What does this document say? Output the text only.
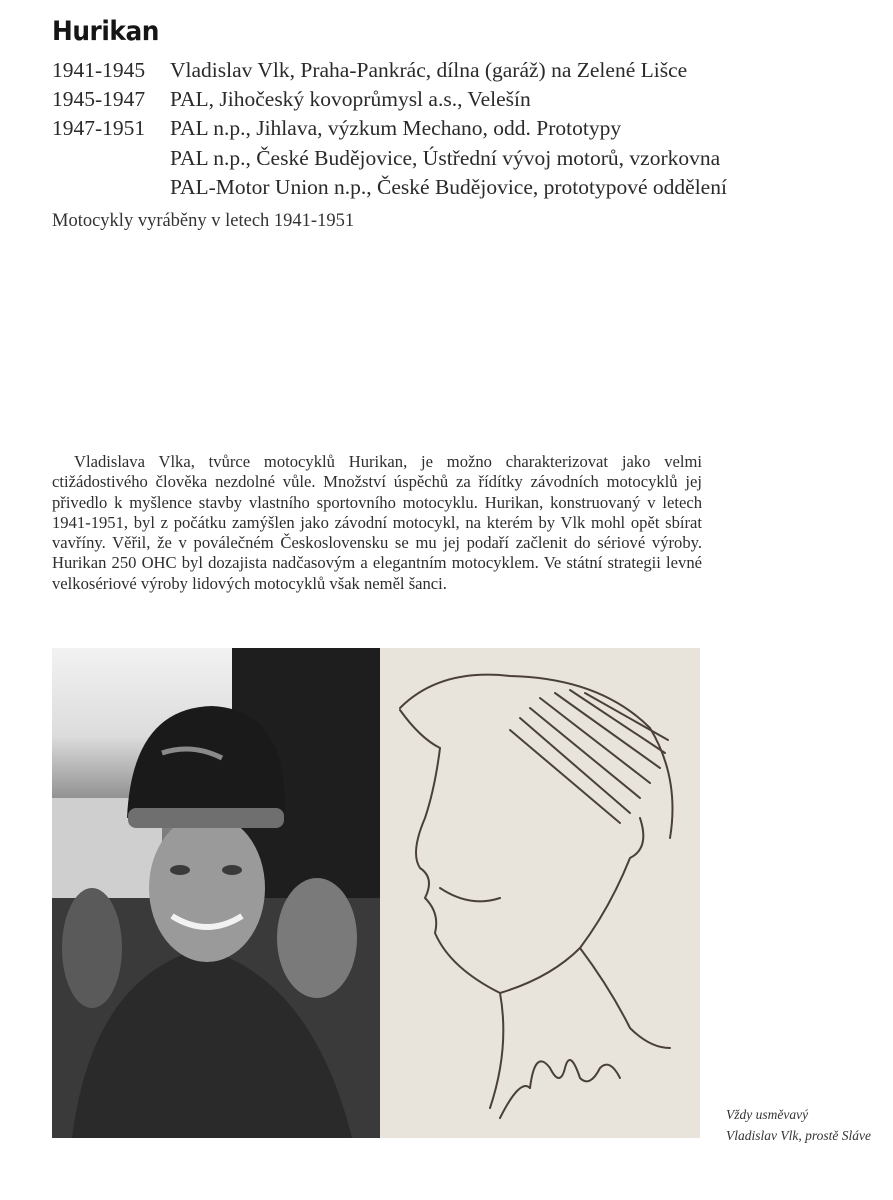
Hurikan
1941-1945	Vladislav Vlk, Praha-Pankrác, dílna (garáž) na Zelené Lišce
1945-1947	PAL, Jihočeský kovoprůmysl a.s., Velešín
1947-1951	PAL n.p., Jihlava, výzkum Mechano, odd. Prototypy
PAL n.p., České Budějovice, Ústřední vývoj motorů, vzorkovna
PAL-Motor Union n.p., České Budějovice, prototypové oddělení
Motocykly vyráběny v letech 1941-1951

Vladislava Vlka, tvůrce motocyklů Hurikan, je možno charakterizovat jako velmi ctižádostivého člověka nezdolné vůle. Množství úspěchů za řídítky závodních motocyklů jej přivedlo k myšlence stavby vlastního sportovního motocyklu. Hurikan, konstruovaný v letech 1941-1951, byl z počátku zamýšlen jako závodní motocykl, na kterém by Vlk mohl opět sbírat vavříny. Věřil, že v poválečném Československu se mu jej podaří začlenit do sériové výroby. Hurikan 250 OHC byl dozajista nadčasovým a elegantním motocyklem. Ve státní strategii levné velkosériové výroby lidových motocyklů však neměl šanci.

Vždy usměvavý
Vladislav Vlk, prostě Sláve
